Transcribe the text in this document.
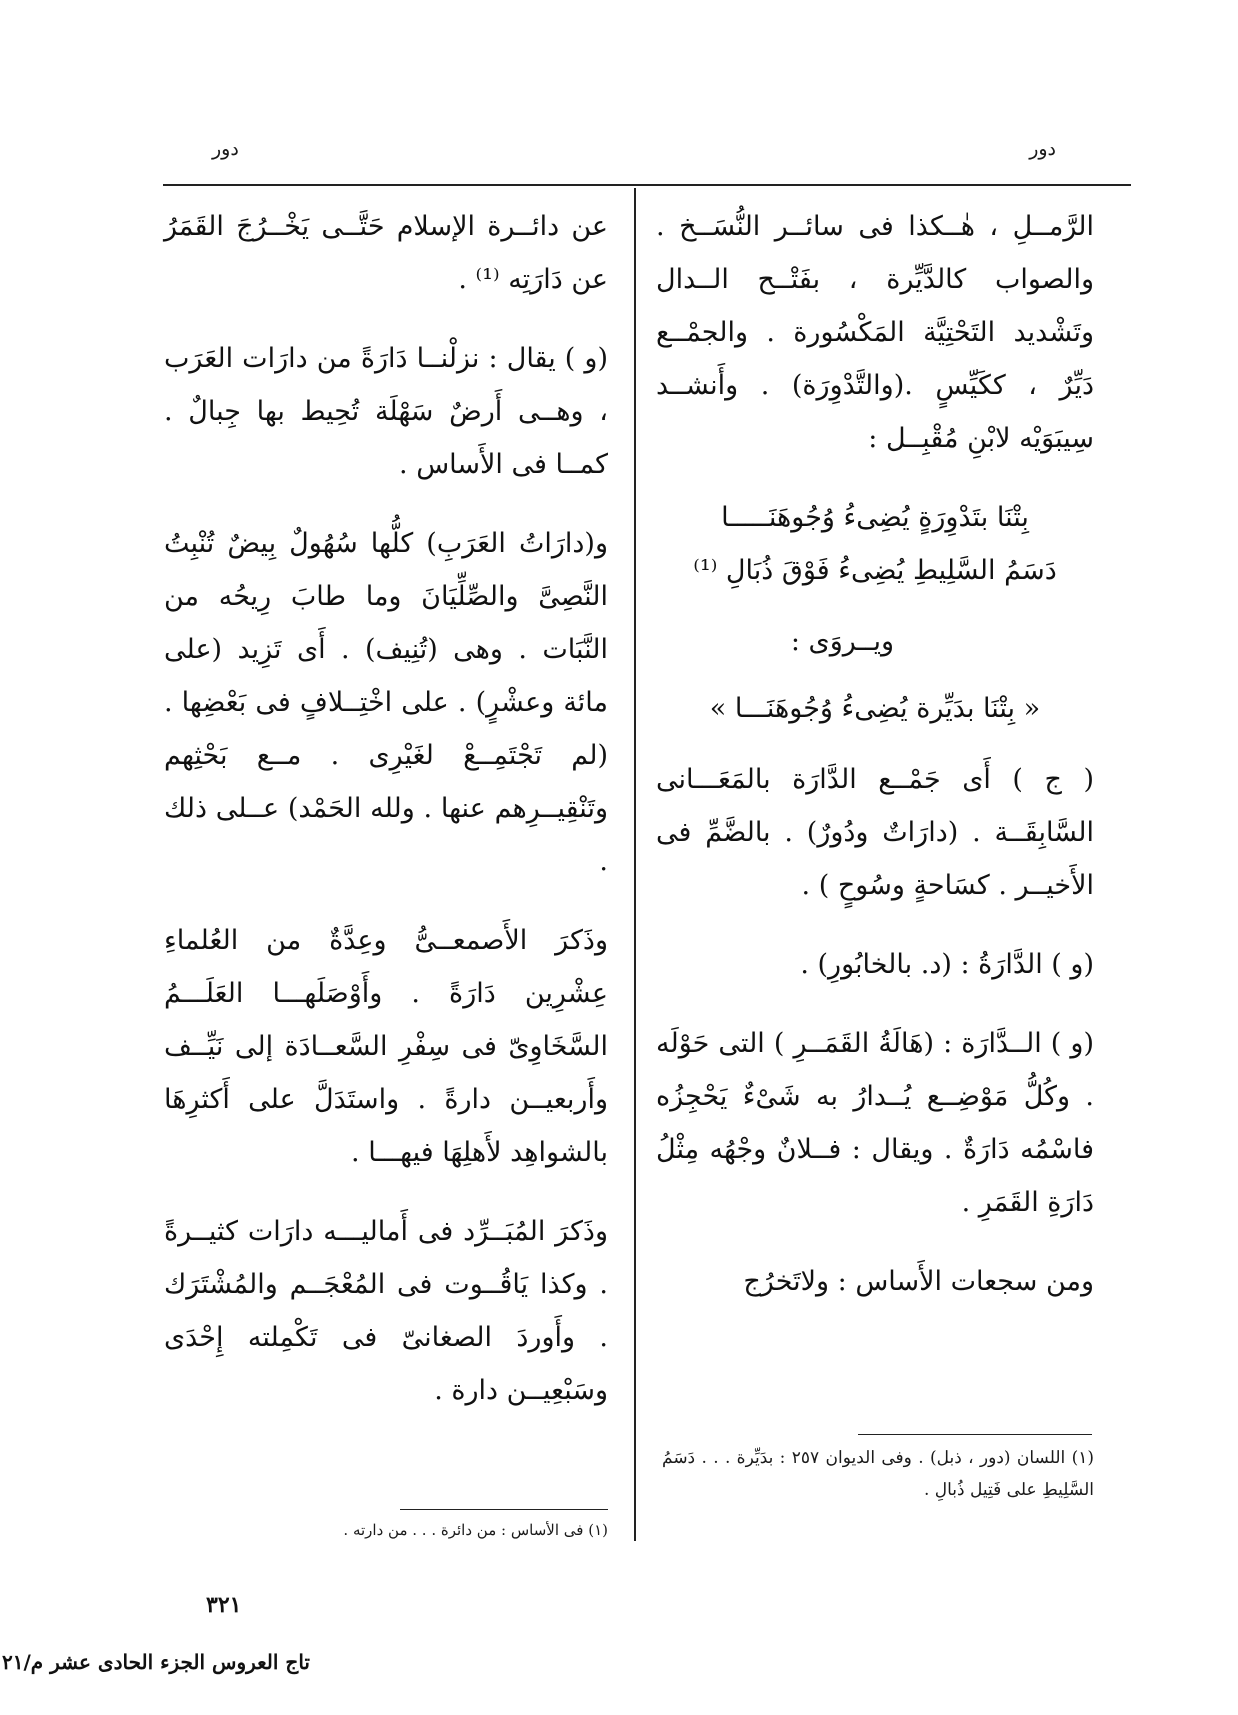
دور
دور

الرَّمــلِ ، هٰــكذا فى سائــر النُّسَــخ . والصواب كالدَّيِّرة ، بفَتْــح الــدال وتَشْديد التَحْتِيَّة المَكْسُورة . والجمْــع دَيِّرٌ ، ككَيِّسٍ .(والتَّدْوِرَة) . وأَنشــد سِيبَوَيْه لابْنِ مُقْبِــل :

بِتْنَا بتَدْوِرَةٍ يُضِىءُ وُجُوهَنَـــــا
دَسَمُ السَّلِيطِ يُضِىءُ فَوْقَ ذُبَالِ ⁽¹⁾

ويــروَى :

« بِتْنَا بدَيِّرة يُضِىءُ وُجُوهَنَـــا »

( ج ) أَى جَمْــع الدَّارَة بالمَعَـــانى السَّابِقَــة . (دارَاتٌ ودُورٌ) . بالضَّمِّ فى الأَخيــر . كسَاحةٍ وسُوحٍ ) .

(و ) الدَّارَةُ : (د. بالخابُورِ) .

(و ) الــدَّارَة : (هَالَةُ القَمَــرِ ) التى حَوْلَه . وكُلُّ مَوْضِــع يُــدارُ به شَىْءٌ يَحْجِزُه فاسْمُه دَارَةٌ . ويقال : فــلانٌ وجْهُه مِثْلُ دَارَةِ القَمَرِ .

ومن سجعات الأَساس : ولاتَخرُج

(١) اللسان (دور ، ذبل) . وفى الديوان ٢٥٧ : بدَيِّرة . . . دَسَمُ السَّلِيطِ على فَتِيل ذُبالِ .

عن دائــرة الإسلام حَتَّــى يَخْــرُجَ القَمَرُ عن دَارَتِه ⁽¹⁾ .

(و ) يقال : نزلْنــا دَارَةً من دارَات العَرَب ، وهــى أَرضٌ سَهْلَة تُحِيط بها جِبالٌ . كمــا فى الأَساس .

و(دارَاتُ العَرَبِ) كلُّها سُهُولٌ بِيضٌ تُنْبِتُ النَّصِىَّ والصِّلِّيَانَ وما طابَ رِيحُه من النَّبَات . وهى (تُنِيف) . أَى تَزِيد (على مائة وعشْرٍ) . على اخْتِــلافٍ فى بَعْضِها . (لم تَجْتَمِــعْ لغَيْرِى . مــع بَحْثِهم وتَنْقِيــرِهم عنها . ولله الحَمْد) عــلى ذلك .

وذَكرَ الأَصمعــىُّ وعِدَّةٌ من العُلماءِ عِشْرِين دَارَةً . وأَوْصَلَهـــا العَلَـــمُ السَّخَاوِىّ فى سِفْرِ السَّعــادَة إلى نَيِّــف وأَربعيــن دارةً . واستَدَلَّ على أَكثرِهَا بالشواهِد لأَهلِهَا فيهـــا .

وذَكرَ المُبَــرِّد فى أَماليـــه دارَات كثيــرةً . وكذا يَاقُــوت فى المُعْجَــم والمُشْتَرَك . وأَوردَ الصغانىّ فى تَكْمِلته إِحْدَى وسَبْعِيــن دارة .

(١) فى الأساس : من دائرة . . . من دارته .
٣٢١
تاج العروس الجزء الحادى عشر م/٢١
